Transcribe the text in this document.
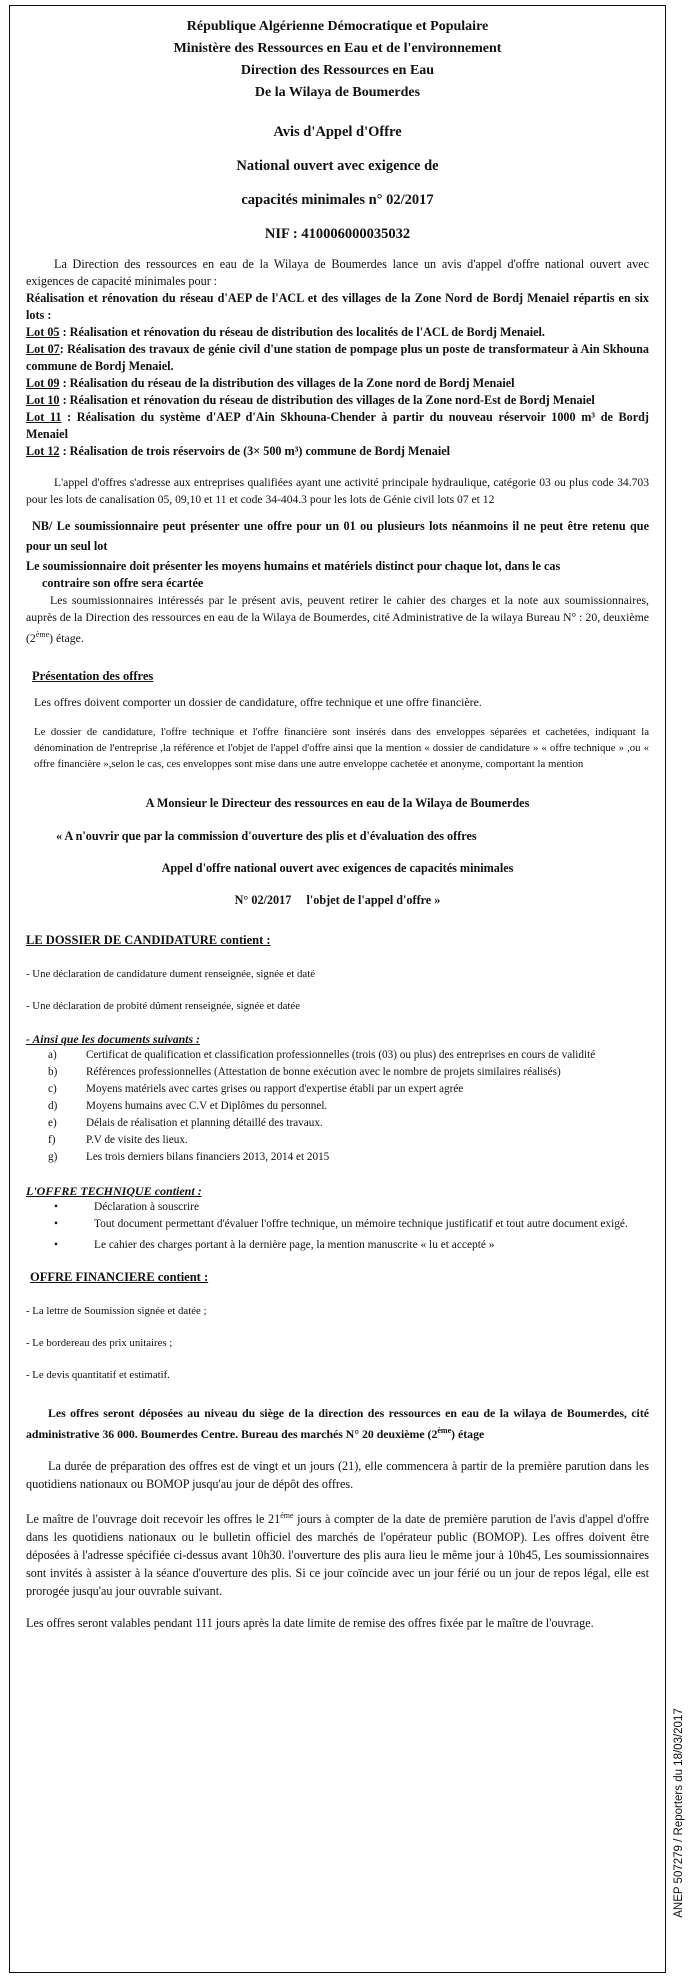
République Algérienne Démocratique et Populaire
Ministère des Ressources en Eau et de l'environnement
Direction des Ressources en Eau
De la Wilaya de Boumerdes
Avis d'Appel d'Offre
National ouvert avec exigence de
capacités minimales n° 02/2017
NIF : 410006000035032

La Direction des ressources en eau de la Wilaya de Boumerdes lance un avis d'appel d'offre national ouvert avec exigences de capacité minimales pour :

Réalisation et rénovation du réseau d'AEP de l'ACL et des villages de la Zone Nord de Bordj Menaiel répartis en six lots :

Lot 05 : Réalisation et rénovation du réseau de distribution des localités de l'ACL de Bordj Menaiel.

Lot 07: Réalisation des travaux de génie civil d'une station de pompage plus un poste de transformateur à Ain Skhouna commune de Bordj Menaiel.

Lot 09 : Réalisation du réseau de la distribution des villages de la Zone nord de Bordj Menaiel

Lot 10 : Réalisation et rénovation du réseau de distribution des villages de la Zone nord-Est de Bordj Menaiel

Lot 11 : Réalisation du système d'AEP d'Ain Skhouna-Chender à partir du nouveau réservoir 1000 m³ de Bordj Menaiel

Lot 12 : Réalisation de trois réservoirs de (3× 500 m³) commune de Bordj Menaiel

L'appel d'offres s'adresse aux entreprises qualifiées ayant une activité principale hydraulique, catégorie 03 ou plus code 34.703 pour les lots de canalisation 05, 09,10 et 11 et code 34-404.3 pour les lots de Génie civil lots 07 et 12

NB/ Le soumissionnaire peut présenter une offre pour un 01 ou plusieurs lots néanmoins il ne peut être retenu que pour un seul lot

Le soumissionnaire doit présenter les moyens humains et matériels distinct pour chaque lot, dans le cas
contraire son offre sera écartée

Les soumissionnaires intéressés par le présent avis, peuvent retirer le cahier des charges et la note aux soumissionnaires, auprès de la Direction des ressources en eau de la Wilaya de Boumerdes, cité Administrative de la wilaya Bureau N° : 20, deuxième (2ème) étage.

Présentation des offres

Les offres doivent comporter un dossier de candidature, offre technique et une offre financière.

Le dossier de candidature, l'offre technique et l'offre financière sont insérés dans des enveloppes séparées et cachetées, indiquant la dénomination de l'entreprise ,la référence et l'objet de l'appel d'offre ainsi que la mention « dossier de candidature » « offre technique » ,ou « offre financière »,selon le cas, ces enveloppes sont mise dans une autre enveloppe cachetée et anonyme, comportant la mention

A Monsieur le Directeur des ressources en eau de la Wilaya de Boumerdes
« A n'ouvrir que par la commission d'ouverture des plis et d'évaluation des offres
Appel d'offre national ouvert avec exigences de capacités minimales
N° 02/2017     l'objet de l'appel d'offre »
LE DOSSIER DE CANDIDATURE contient :
- Une déclaration de candidature dument renseignée, signée et daté
- Une déclaration de probité dûment renseignée, signée et datée
- Ainsi que les documents suivants :
a)	Certificat de qualification et classification professionnelles (trois (03) ou plus) des entreprises en cours de validité
b)	Références professionnelles (Attestation de bonne exécution avec le nombre de projets similaires réalisés)
c)	Moyens matériels avec cartes grises ou rapport d'expertise établi par un expert agrée
d)	Moyens humains avec C.V et Diplômes du personnel.
e)	Délais de réalisation et planning détaillé des travaux.
f)	P.V de visite des lieux.
g)	Les trois derniers bilans financiers 2013, 2014 et 2015
L'OFFRE TECHNIQUE contient :
•	Déclaration à souscrire
•	Tout document permettant d'évaluer l'offre technique, un mémoire technique justificatif et tout autre document exigé.
•	Le cahier des charges portant à la dernière page, la mention manuscrite « lu et accepté »
OFFRE FINANCIERE contient :
- La lettre de Soumission signée et datée ;
- Le bordereau des prix unitaires ;
- Le devis quantitatif et estimatif.

Les offres seront déposées au niveau du siège de la direction des ressources en eau de la wilaya de Boumerdes, cité administrative 36 000. Boumerdes Centre. Bureau des marchés N° 20 deuxième (2ème) étage

La durée de préparation des offres est de vingt et un jours (21), elle commencera à partir de la première parution dans les quotidiens nationaux ou BOMOP jusqu'au jour de dépôt des offres.

Le maître de l'ouvrage doit recevoir les offres le $21^{éme}$ jours à compter de la date de première parution de l'avis d'appel d'offre dans les quotidiens nationaux ou le bulletin officiel des marchés de l'opérateur public (BOMOP). Les offres doivent être déposées à l'adresse spécifiée ci-dessus avant 10h30. l'ouverture des plis aura lieu le même jour à 10h45, Les soumissionnaires sont invités à assister à la séance d'ouverture des plis. Si ce jour coïncide avec un jour férié ou un jour de repos légal, elle est prorogée jusqu'au jour ouvrable suivant.

Les offres seront valables pendant 111 jours après la date limite de remise des offres fixée par le maître de l'ouvrage.

ANEP 507279 / Reporters du 18/03/2017
